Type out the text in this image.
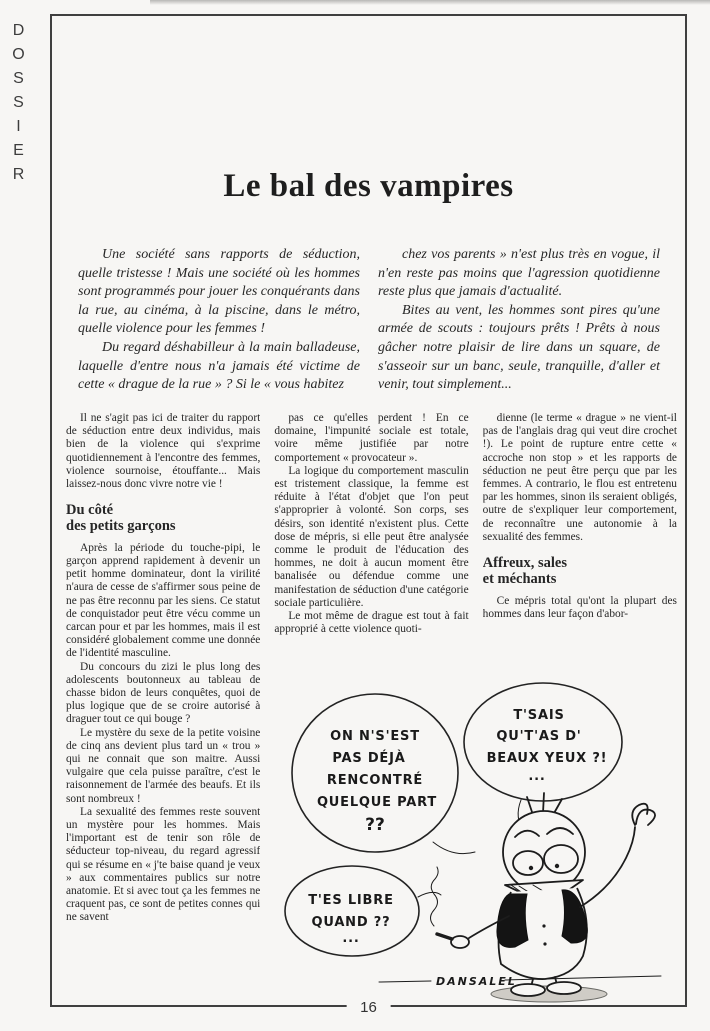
DOSSIER	Le bal des vampires

Une société sans rapports de séduction, quelle tristesse ! Mais une société où les hommes sont programmés pour jouer les conquérants dans la rue, au cinéma, à la piscine, dans le métro, quelle violence pour les femmes !

Du regard déshabilleur à la main balladeuse, laquelle d'entre nous n'a jamais été victime de cette « drague de la rue » ? Si le « vous habitez

chez vos parents » n'est plus très en vogue, il n'en reste pas moins que l'agression quotidienne reste plus que jamais d'actualité.

Bites au vent, les hommes sont pires qu'une armée de scouts : toujours prêts ! Prêts à nous gâcher notre plaisir de lire dans un square, de s'asseoir sur un banc, seule, tranquille, d'aller et venir, tout simplement...

Il ne s'agit pas ici de traiter du rapport de séduction entre deux individus, mais bien de la violence qui s'exprime quotidiennement à l'encontre des femmes, violence sournoise, étouffante... Mais laissez-nous donc vivre notre vie !

Du côté
des petits garçons

Après la période du touche-pipi, le garçon apprend rapidement à devenir un petit homme dominateur, dont la virilité n'aura de cesse de s'affirmer sous peine de ne pas être reconnu par les siens. Ce statut de conquistador peut être vécu comme un carcan pour et par les hommes, mais il est considéré globalement comme une donnée de l'identité masculine.

Du concours du zizi le plus long des adolescents boutonneux au tableau de chasse bidon de leurs conquêtes, quoi de plus logique que de se croire autorisé à draguer tout ce qui bouge ?

Le mystère du sexe de la petite voisine de cinq ans devient plus tard un « trou » qui ne connait que son maitre. Aussi vulgaire que cela puisse paraître, c'est le raisonnement de l'armée des beaufs. Et ils sont nombreux !

La sexualité des femmes reste souvent un mystère pour les hommes. Mais l'important est de tenir son rôle de séducteur top-niveau, du regard agressif qui se résume en « j'te baise quand je veux » aux commentaires publics sur notre anatomie. Et si avec tout ça les femmes ne craquent pas, ce sont de petites connes qui ne savent

pas ce qu'elles perdent ! En ce domaine, l'impunité sociale est totale, voire même justifiée par notre comportement « provocateur ».

La logique du comportement masculin est tristement classique, la femme est réduite à l'état d'objet que l'on peut s'approprier à volonté. Son corps, ses désirs, son identité n'existent plus. Cette dose de mépris, si elle peut être analysée comme le produit de l'éducation des hommes, ne doit à aucun moment être banalisée ou défendue comme une manifestation de séduction d'une catégorie sociale particulière.

Le mot même de drague est tout à fait approprié à cette violence quoti-

dienne (le terme « drague » ne vient-il pas de l'anglais drag qui veut dire crochet !). Le point de rupture entre cette « accroche non stop » et les rapports de séduction ne peut être perçu que par les femmes. A contrario, le flou est entretenu par les hommes, sinon ils seraient obligés, outre de s'expliquer leur comportement, de reconnaître une autonomie à la sexualité des femmes.

Affreux, sales
et méchants

Ce mépris total qu'ont la plupart des hommes dans leur façon d'abor-

ON N'S'EST
PAS DÉJÀ
RENCONTRÉ
QUELQUE PART
??
T'SAIS
QU'T'AS D'
BEAUX YEUX ?!
...
T'ES LIBRE
QUAND ??
...
DANSALEL
16
